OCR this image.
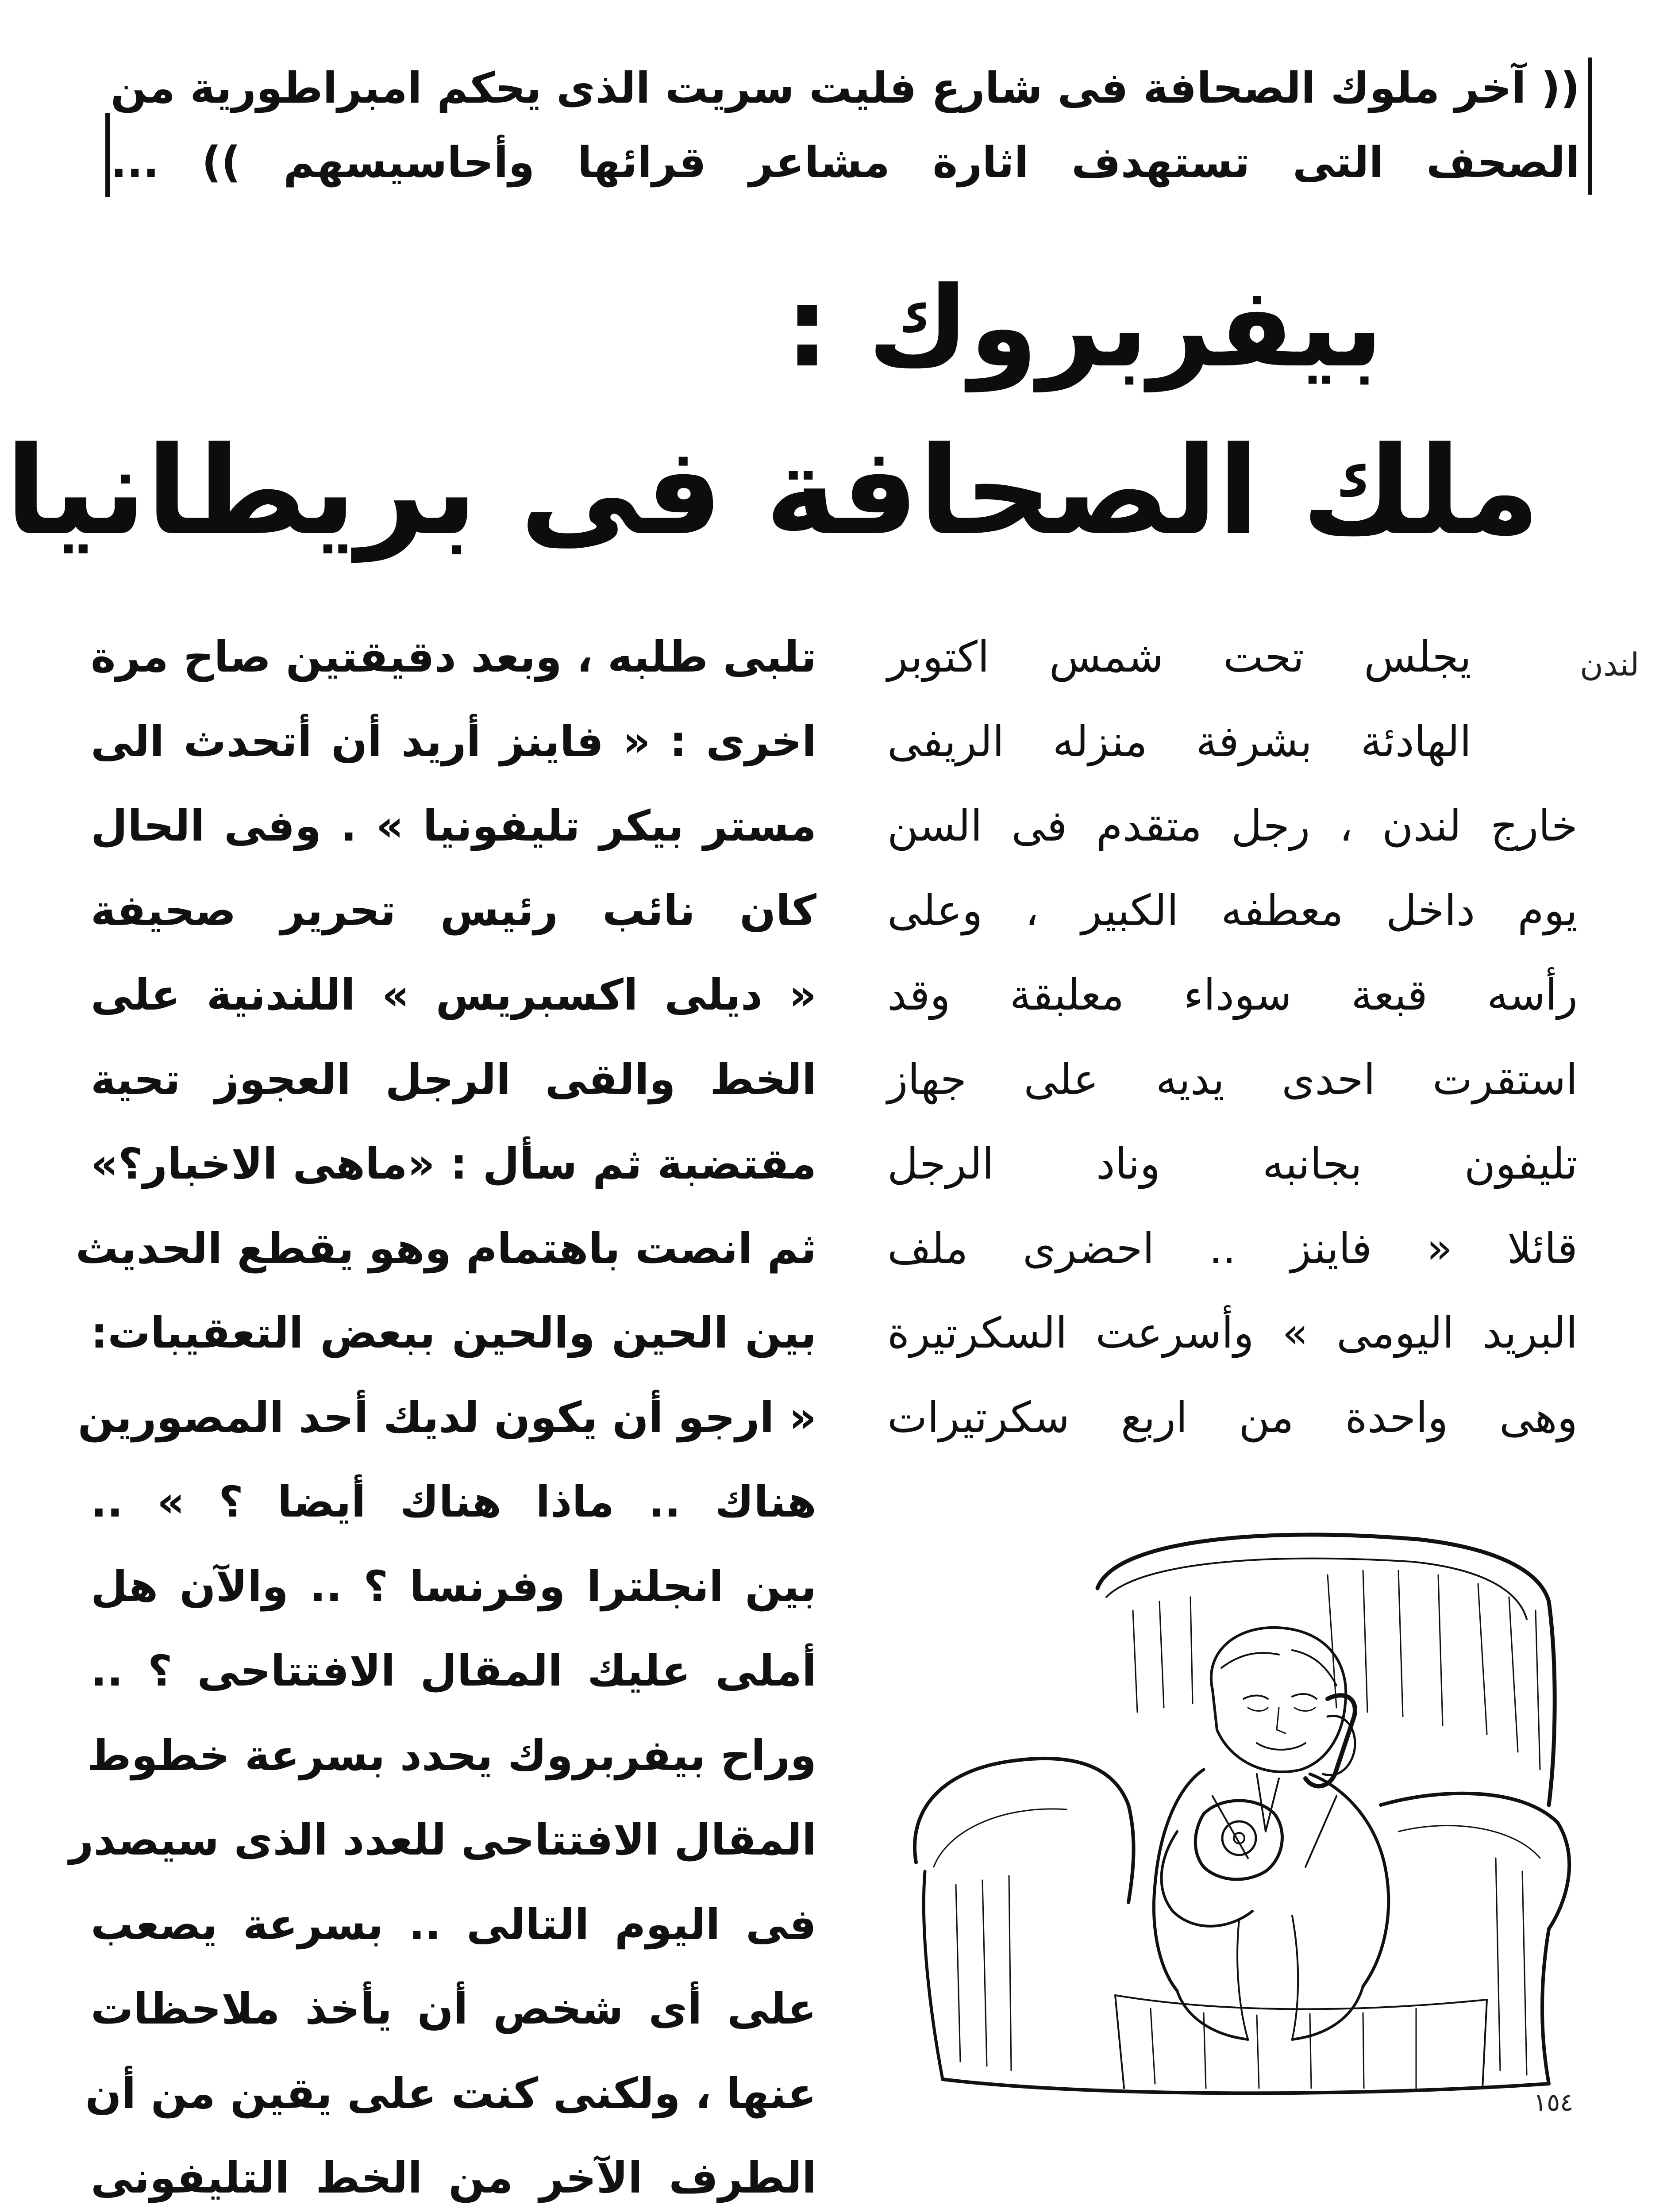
(( آخر ملوك الصحافة فى شارع فليت سريت الذى يحكم امبراطورية من
الصحف التى تستهدف اثارة مشاعر قرائها وأحاسيسهم )) ...
بيفربروك :
ملك الصحافة فى بريطانيا
لندن
يجلس تحت شمس اكتوبر
الهادئة بشرفة منزله الريفى
خارج لندن ، رجل متقدم فى السن
يوم داخل معطفه الكبير ، وعلى
رأسه قبعة سوداء معلبقة وقد
استقرت احدى يديه على جهاز
تليفون بجانبه وناد الرجل
قائلا « فاينز .. احضرى ملف
البريد اليومى » وأسرعت السكرتيرة
وهى واحدة من اربع سكرتيرات
تلبى طلبه ، وبعد دقيقتين صاح مرة
اخرى : « فاينز أريد أن أتحدث الى
مستر بيكر تليفونيا » . وفى الحال
كان نائب رئيس تحرير صحيفة
« ديلى اكسبريس » اللندنية على
الخط والقى الرجل العجوز تحية
مقتضبة ثم سأل : «ماهى الاخبار؟»
ثم انصت باهتمام وهو يقطع الحديث
بين الحين والحين ببعض التعقيبات:
« ارجو أن يكون لديك أحد المصورين
هناك .. ماذا هناك أيضا ؟ » ..
بين انجلترا وفرنسا ؟ .. والآن هل
أملى عليك المقال الافتتاحى ؟ ..
وراح بيفربروك يحدد بسرعة خطوط
المقال الافتتاحى للعدد الذى سيصدر
فى اليوم التالى .. بسرعة يصعب
على أى شخص أن يأخذ ملاحظات
عنها ، ولكنى كنت على يقين من أن
الطرف الآخر من الخط التليفونى
١٥٤
